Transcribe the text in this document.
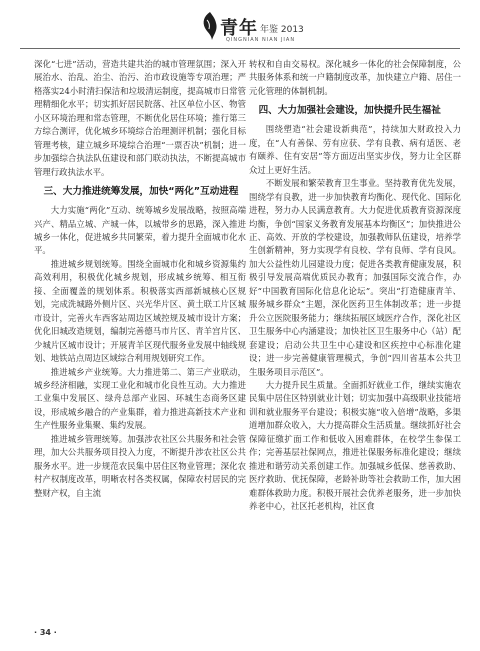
青年 年鉴 2013
QINGNIAN NIAN JIAN

深化“七进”活动，营造共建共治的城市管理氛围；深入开展治水、治乱、治尘、治污、治市政设施等专项治理；严格落实24小时清扫保洁和垃圾清运制度，提高城市日常管理精细化水平；切实抓好居民院落、社区单位小区、物管小区环境治理和常态管理，不断优化居住环境；推行第三方综合测评，优化城乡环境综合治理测评机制；强化目标管理考核，建立城乡环境综合治理“一票否决”机制；进一步加强综合执法队伍建设和部门联动执法，不断提高城市管理行政执法水平。

三、大力推进统筹发展，加快“两化”互动进程

大力实施“两化”互动、统筹城乡发展战略，按照高端兴产、精品立城、产城一体，以城带乡的思路，深入推进城乡一体化，促进城乡共同繁荣，着力提升全面城市化水平。

推进城乡规划统筹。围绕全面城市化和城乡资源集约高效利用，积极优化城乡规划，形成城乡统筹、相互衔接、全面覆盖的规划体系。积极落实西部新城核心区规划，完成洗城路外侧片区、兴光华片区、黄土联工片区城市设计，完善火车西客站周边区域控规及城市设计方案；优化旧城改造规划，编制完善德马市片区、青羊宫片区、少城片区城市设计；开展青羊区现代服务业发展中轴线规划、地铁站点周边区域综合利用规划研究工作。

推进城乡产业统筹。大力推进第二、第三产业联动，城乡经济相融，实现工业化和城市化良性互动。大力推进工业集中发展区、绿舟总部产业园、环城生态商务区建设，形成城乡融合的产业集群，着力推进高新技术产业和生产性服务业集聚、集约发展。

推进城乡管理统筹。加强涉农社区公共服务和社会管理，加大公共服务项目投入力度，不断提升涉农社区公共服务水平。进一步规范农民集中居住区物业管理；深化农村产权制度改革，明晰农村各类权属，保障农村居民的完整财产权，自主流

转权和自由交易权。深化城乡一体化的社会保障制度，公共服务体系和统一户籍制度改革，加快建立户籍、居住一元化管理的体制机制。

四、大力加强社会建设，加快提升民生福祉

围绕塑造“社会建设新典范”，持续加大财政投入力度，在“人有善保、劳有应获、学有良教、病有适医、老有颐养、住有安居”等方面迈出坚实步伐，努力让全区群众过上更好生活。

不断发展和繁荣教育卫生事业。坚持教育优先发展，围绕学有良教，进一步加快教育均衡化、现代化、国际化进程，努力办人民满意教育。大力促进优质教育资源深度均衡，争创“国家义务教育发展基本均衡区”；加快推进公正、高效、开放的学校建设，加强教师队伍建设，培养学生创新精神，努力实现学有良校、学有良师、学有良风。加大公益性幼儿园建设力度；促进各类教育健康发展，积极引导发展高端优质民办教育；加强国际交流合作，办好“中国教育国际化信息化论坛”。突出“打造健康青羊、服务城乡群众”主题，深化医药卫生体制改革；进一步提升公立医院服务能力；继续拓展区域医疗合作，深化社区卫生服务中心内涵建设；加快社区卫生服务中心（站）配套建设；启动公共卫生中心建设和区疾控中心标准化建设；进一步完善健康管理模式，争创“四川省基本公共卫生服务项目示范区”。

大力提升民生质量。全面抓好就业工作，继续实施农民集中居住区特别就业计划；切实加强中高级职业技能培训和就业服务平台建设；积极实施“收入倍增”战略，多渠道增加群众收入，大力提高群众生活质量。继续抓好社会保障征缴扩面工作和低收入困难群体，在校学生参保工作；完善基层社保网点，推进社保服务标准化建设；继续推进和谐劳动关系创建工作。加强城乡低保、慈善救助、医疗救助、优抚保障，老龄补助等社会救助工作，加大困难群体救助力度。积极开展社会优养老服务，进一步加快养老中心，社区托老机构，社区食

· 34 ·
